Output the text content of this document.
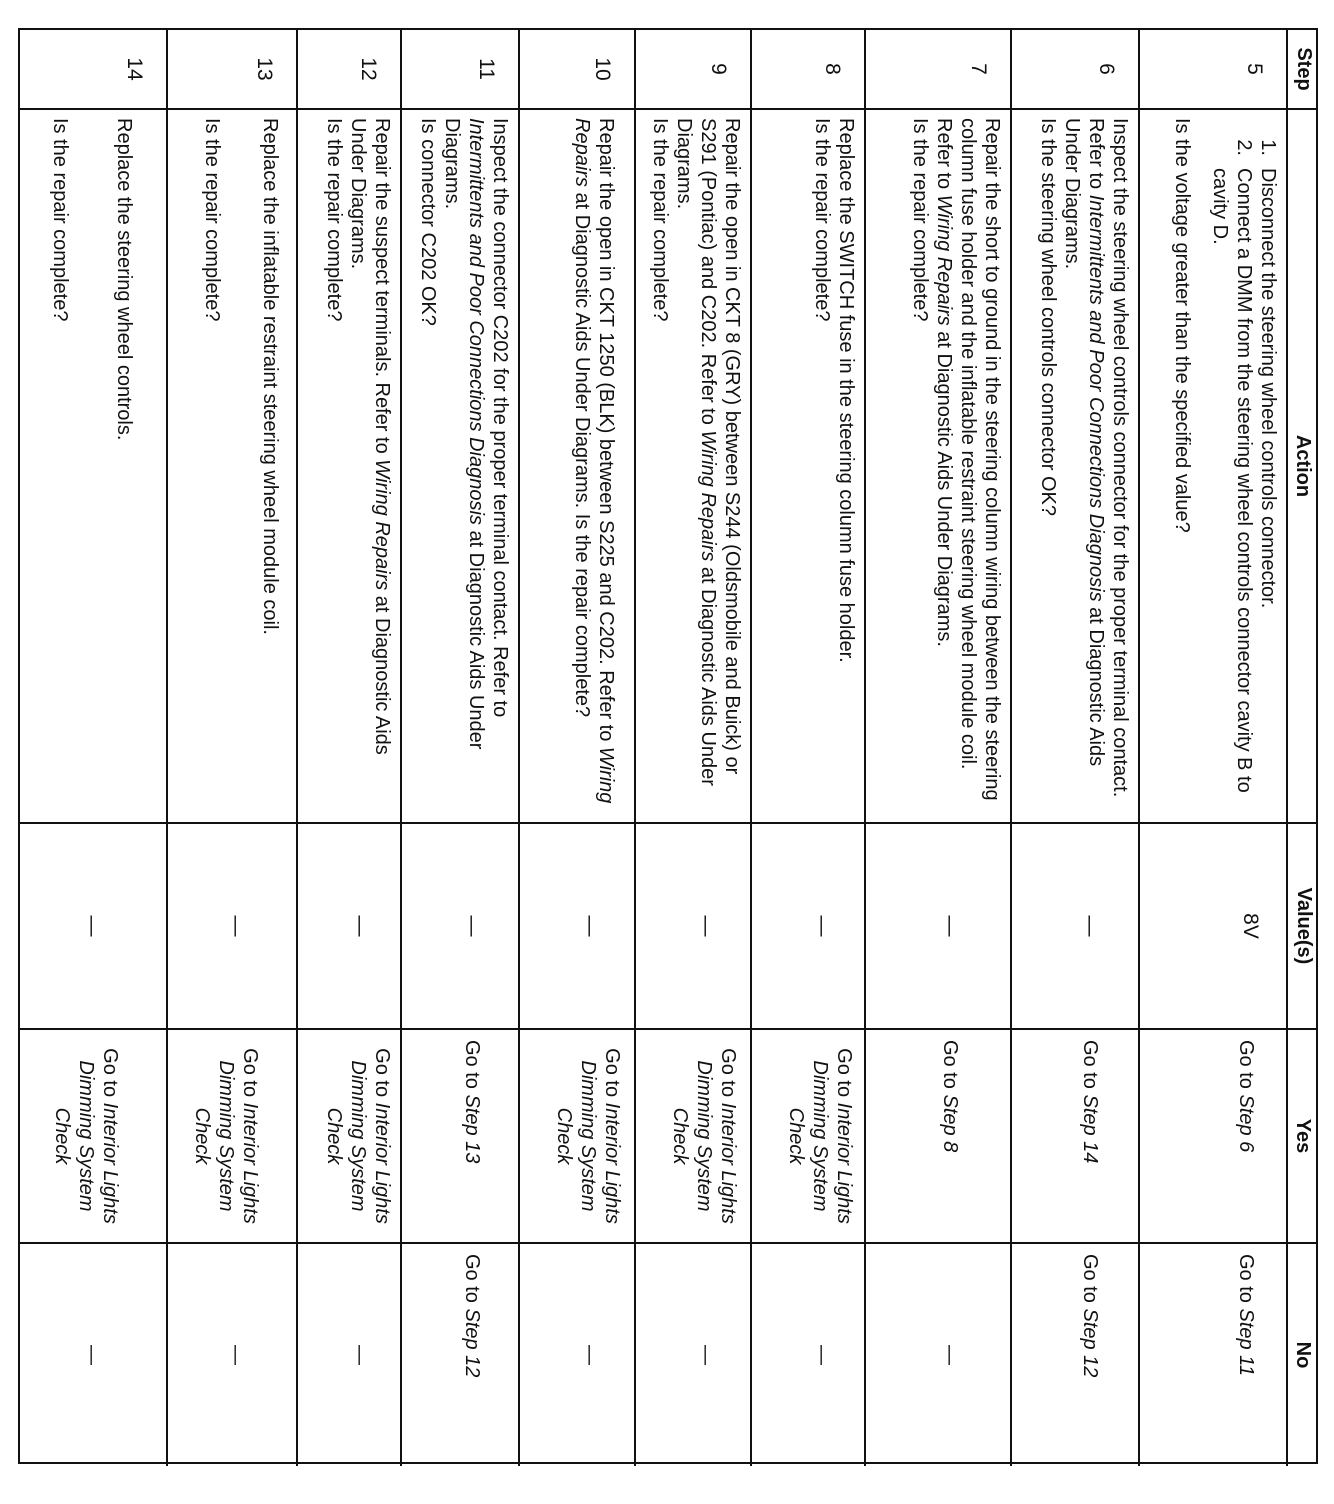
Step
Action
Value(s)
Yes
No
5
1.
Disconnect the steering wheel controls connector.
2.
Connect a DMM from the steering wheel controls connector cavity B to cavity D.

Is the voltage greater than the specified value?

8V
Go to Step 6
Go to Step 11
6

Inspect the steering wheel controls connector for the proper terminal contact. Refer to Intermittents and Poor Connections Diagnosis at Diagnostic Aids Under Diagrams.

Is the steering wheel controls connector OK?

—
Go to Step 14
Go to Step 12
7

Repair the short to ground in the steering column wiring between the steering column fuse holder and the inflatable restraint steering wheel module coil. Refer to Wiring Repairs at Diagnostic Aids Under Diagrams.

Is the repair complete?

—
Go to Step 8
—
8

Replace the SWITCH fuse in the steering column fuse holder.

Is the repair complete?

—
Go to Interior Lights Dimming System Check
—
9

Repair the open in CKT 8 (GRY) between S244 (Oldsmobile and Buick) or S291 (Pontiac) and C202. Refer to Wiring Repairs at Diagnostic Aids Under Diagrams.

Is the repair complete?

—
Go to Interior Lights Dimming System Check
—
10

Repair the open in CKT 1250 (BLK) between S225 and C202. Refer to Wiring Repairs at Diagnostic Aids Under Diagrams. Is the repair complete?

—
Go to Interior Lights Dimming System Check
—
11

Inspect the connector C202 for the proper terminal contact. Refer to Intermittents and Poor Connections Diagnosis at Diagnostic Aids Under Diagrams.

Is connector C202 OK?

—
Go to Step 13
Go to Step 12
12

Repair the suspect terminals. Refer to Wiring Repairs at Diagnostic Aids Under Diagrams.

Is the repair complete?

—
Go to Interior Lights Dimming System Check
—
13

Replace the inflatable restraint steering wheel module coil.

Is the repair complete?

—
Go to Interior Lights Dimming System Check
—
14

Replace the steering wheel controls.

Is the repair complete?

—
Go to Interior Lights Dimming System Check
—
